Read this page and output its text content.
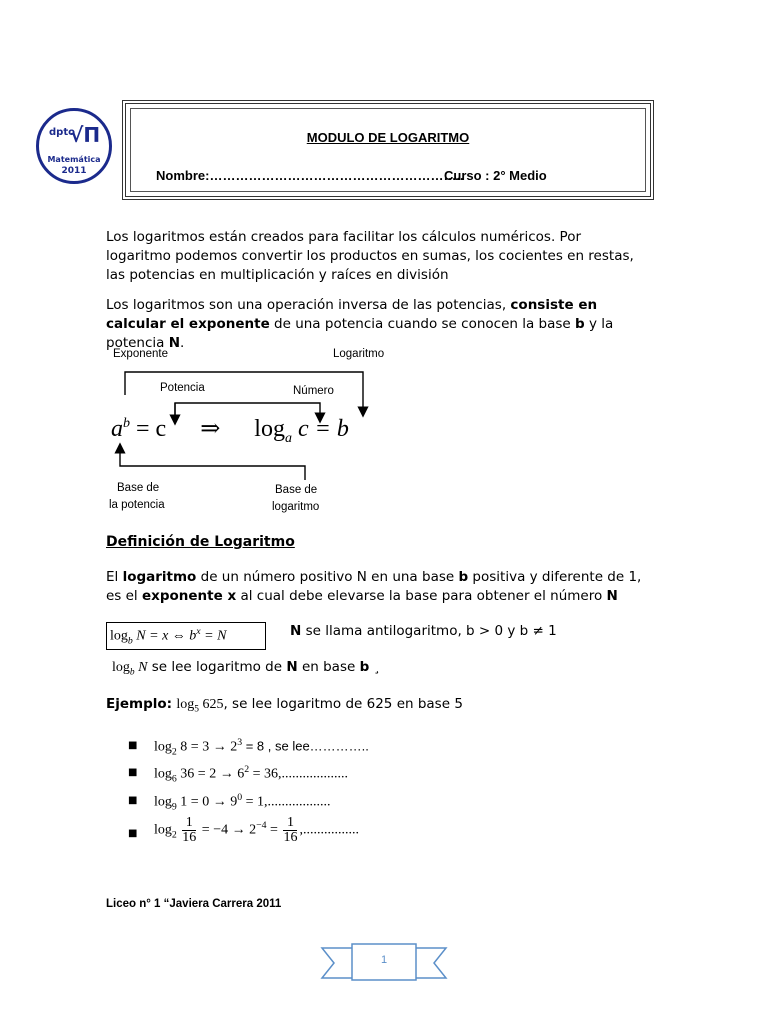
dpto
√Π
Matemática
2011
MODULO DE LOGARITMO
Nombre:…………………………………………………..
Curso : 2° Medio
Los logaritmos están creados para facilitar los cálculos numéricos. Por logaritmo podemos convertir los productos en sumas, los cocientes en restas, las potencias en multiplicación y raíces en división
Los logaritmos son una operación inversa de las potencias, consiste en calcular el exponente de una potencia cuando se conocen la base b y la potencia N.
Exponente	Logaritmo
Potencia	Número
$a^b = c$ ⇒ $\log_a c = b$
Base de
la potencia
Base de
logaritmo
Definición de Logaritmo
El logaritmo de un número positivo N en una base b positiva y diferente de 1, es el exponente x al cual debe elevarse la base para obtener el número N
$\log_b N = x$ ⇔ $b^x = N$	N se llama antilogaritmo, b > 0 y b ≠ 1
$\log_b N$ se lee logaritmo de N en base b ¸
Ejemplo: $\log_5 625$, se lee logaritmo de 625 en base 5
■ $\log_2 8 = 3 \to 2^3 = 8$ , se lee…………..
■ $\log_6 36 = 2 \to 6^2 = 36$,...................
■ $\log_9 1 = 0 \to 9^0 = 1$,..................
■ $\log_2 \frac{1}{16} = -4 \to 2^{-4} = \frac{1}{16}$ ,................
Liceo n° 1 “Javiera Carrera 2011
1
